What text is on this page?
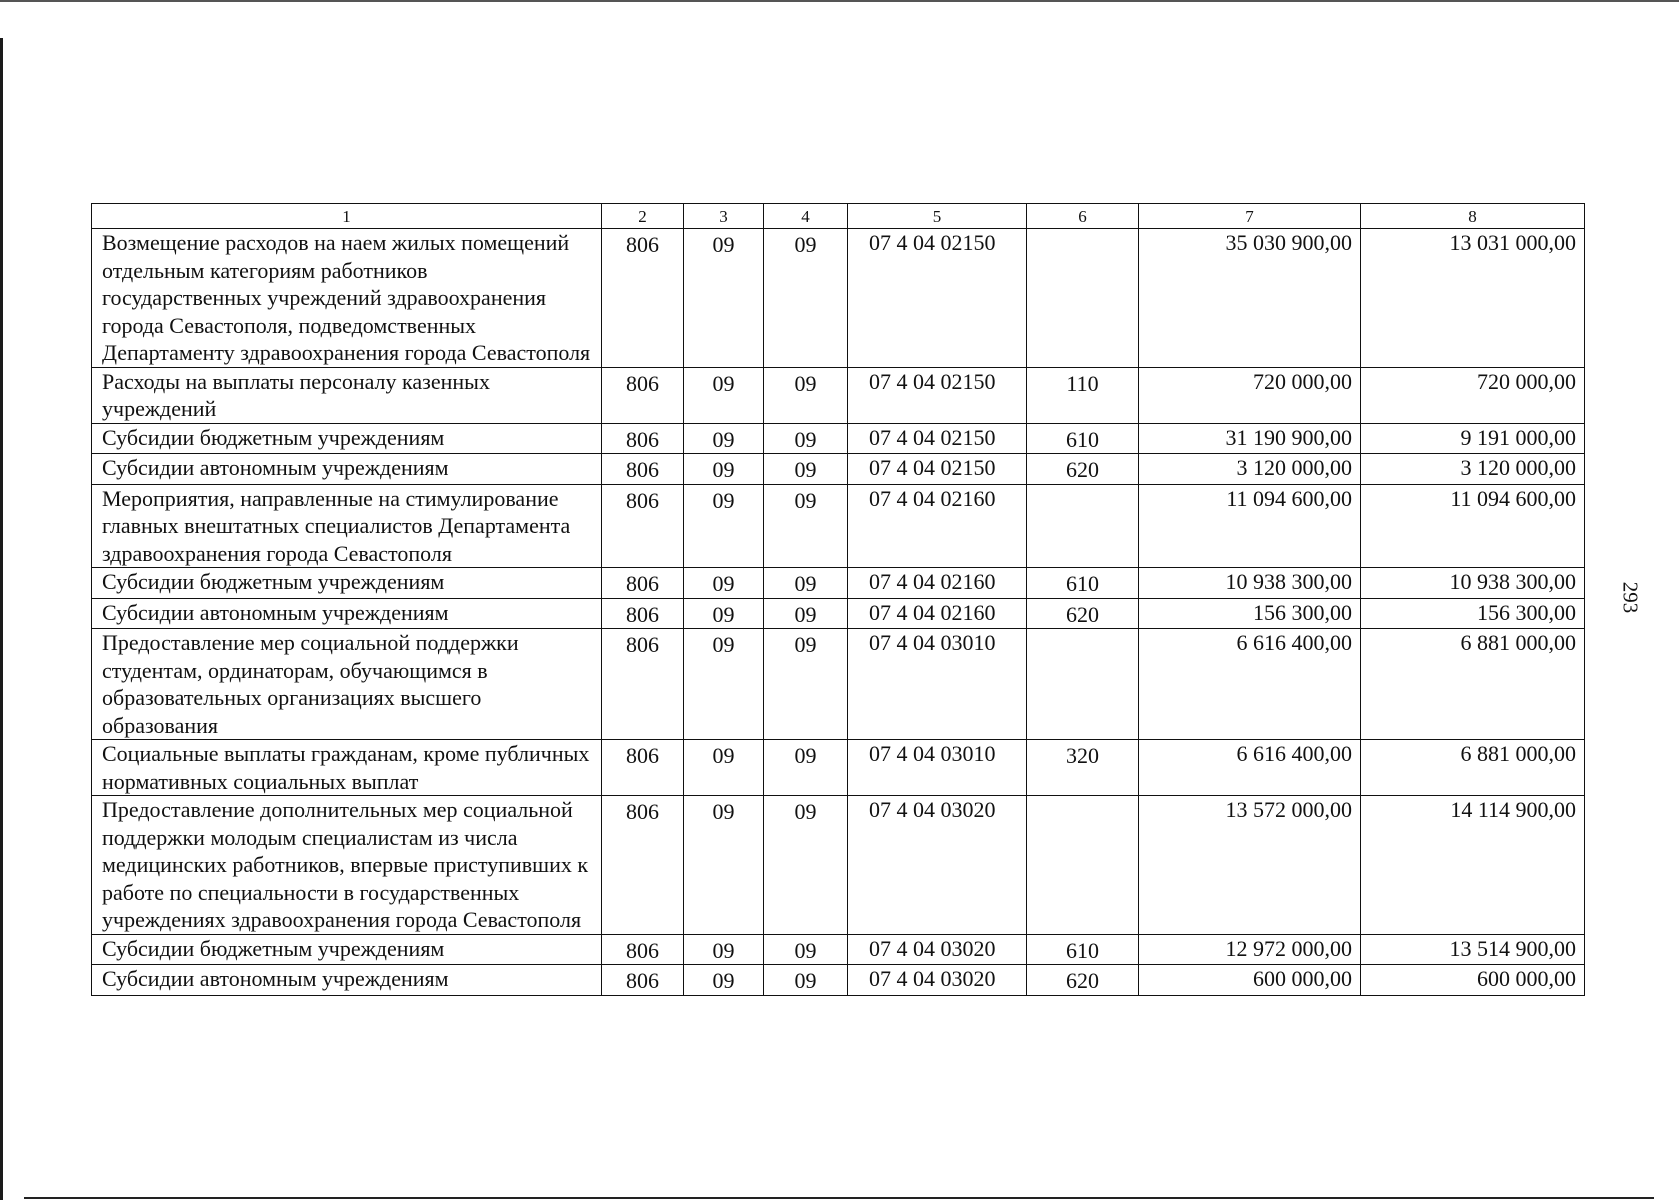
1	2	3	4	5	6	7	8
Возмещение расходов на наем жилых помещений отдельным категориям работников государственных учреждений здравоохранения города Севастополя, подведомственных Департаменту здравоохранения города Севастополя	806	09	09	07 4 04 02150		35 030 900,00	13 031 000,00
Расходы на выплаты персоналу казенных учреждений	806	09	09	07 4 04 02150	110	720 000,00	720 000,00
Субсидии бюджетным учреждениям	806	09	09	07 4 04 02150	610	31 190 900,00	9 191 000,00
Субсидии автономным учреждениям	806	09	09	07 4 04 02150	620	3 120 000,00	3 120 000,00
Мероприятия, направленные на стимулирование главных внештатных специалистов Департамента здравоохранения города Севастополя	806	09	09	07 4 04 02160		11 094 600,00	11 094 600,00
Субсидии бюджетным учреждениям	806	09	09	07 4 04 02160	610	10 938 300,00	10 938 300,00
Субсидии автономным учреждениям	806	09	09	07 4 04 02160	620	156 300,00	156 300,00
Предоставление мер социальной поддержки студентам, ординаторам, обучающимся в образовательных организациях высшего образования	806	09	09	07 4 04 03010		6 616 400,00	6 881 000,00
Социальные выплаты гражданам, кроме публичных нормативных социальных выплат	806	09	09	07 4 04 03010	320	6 616 400,00	6 881 000,00
Предоставление дополнительных мер социальной поддержки молодым специалистам из числа медицинских работников, впервые приступивших к работе по специальности в государственных учреждениях здравоохранения города Севастополя	806	09	09	07 4 04 03020		13 572 000,00	14 114 900,00
Субсидии бюджетным учреждениям	806	09	09	07 4 04 03020	610	12 972 000,00	13 514 900,00
Субсидии автономным учреждениям	806	09	09	07 4 04 03020	620	600 000,00	600 000,00
293
